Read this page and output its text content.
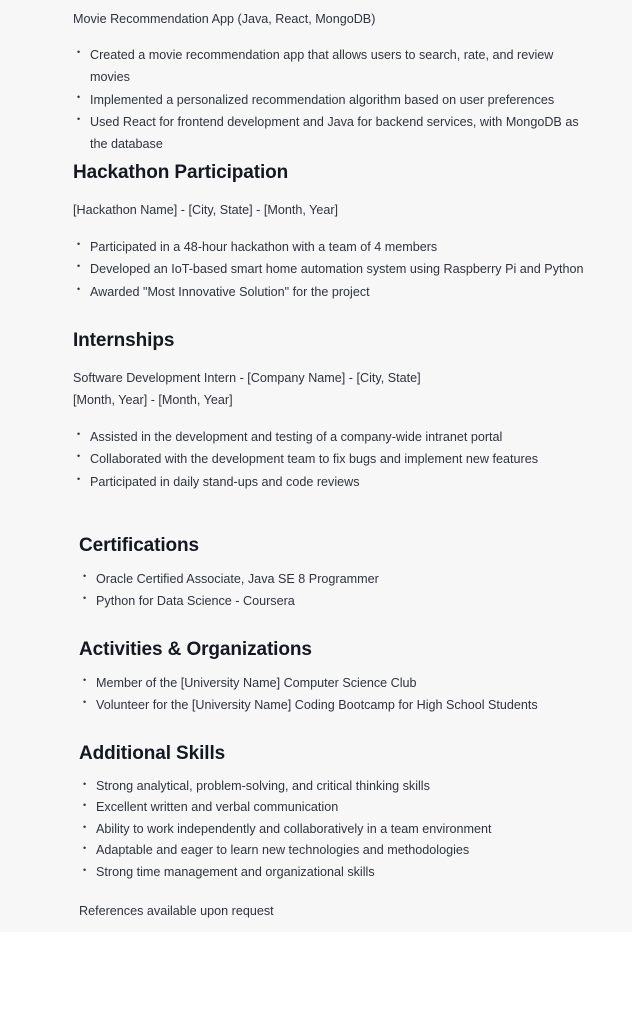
Movie Recommendation App (Java, React, MongoDB)

• Created a movie recommendation app that allows users to search, rate, and review movies
• Implemented a personalized recommendation algorithm based on user preferences
• Used React for frontend development and Java for backend services, with MongoDB as the database
Hackathon Participation

[Hackathon Name] - [City, State] - [Month, Year]

• Participated in a 48-hour hackathon with a team of 4 members
• Developed an IoT-based smart home automation system using Raspberry Pi and Python
• Awarded "Most Innovative Solution" for the project
Internships

Software Development Intern - [Company Name] - [City, State]

[Month, Year] - [Month, Year]

• Assisted in the development and testing of a company-wide intranet portal
• Collaborated with the development team to fix bugs and implement new features
• Participated in daily stand-ups and code reviews
Certifications
• Oracle Certified Associate, Java SE 8 Programmer
• Python for Data Science - Coursera
Activities & Organizations
• Member of the [University Name] Computer Science Club
• Volunteer for the [University Name] Coding Bootcamp for High School Students
Additional Skills
• Strong analytical, problem-solving, and critical thinking skills
• Excellent written and verbal communication
• Ability to work independently and collaboratively in a team environment
• Adaptable and eager to learn new technologies and methodologies
• Strong time management and organizational skills

References available upon request
